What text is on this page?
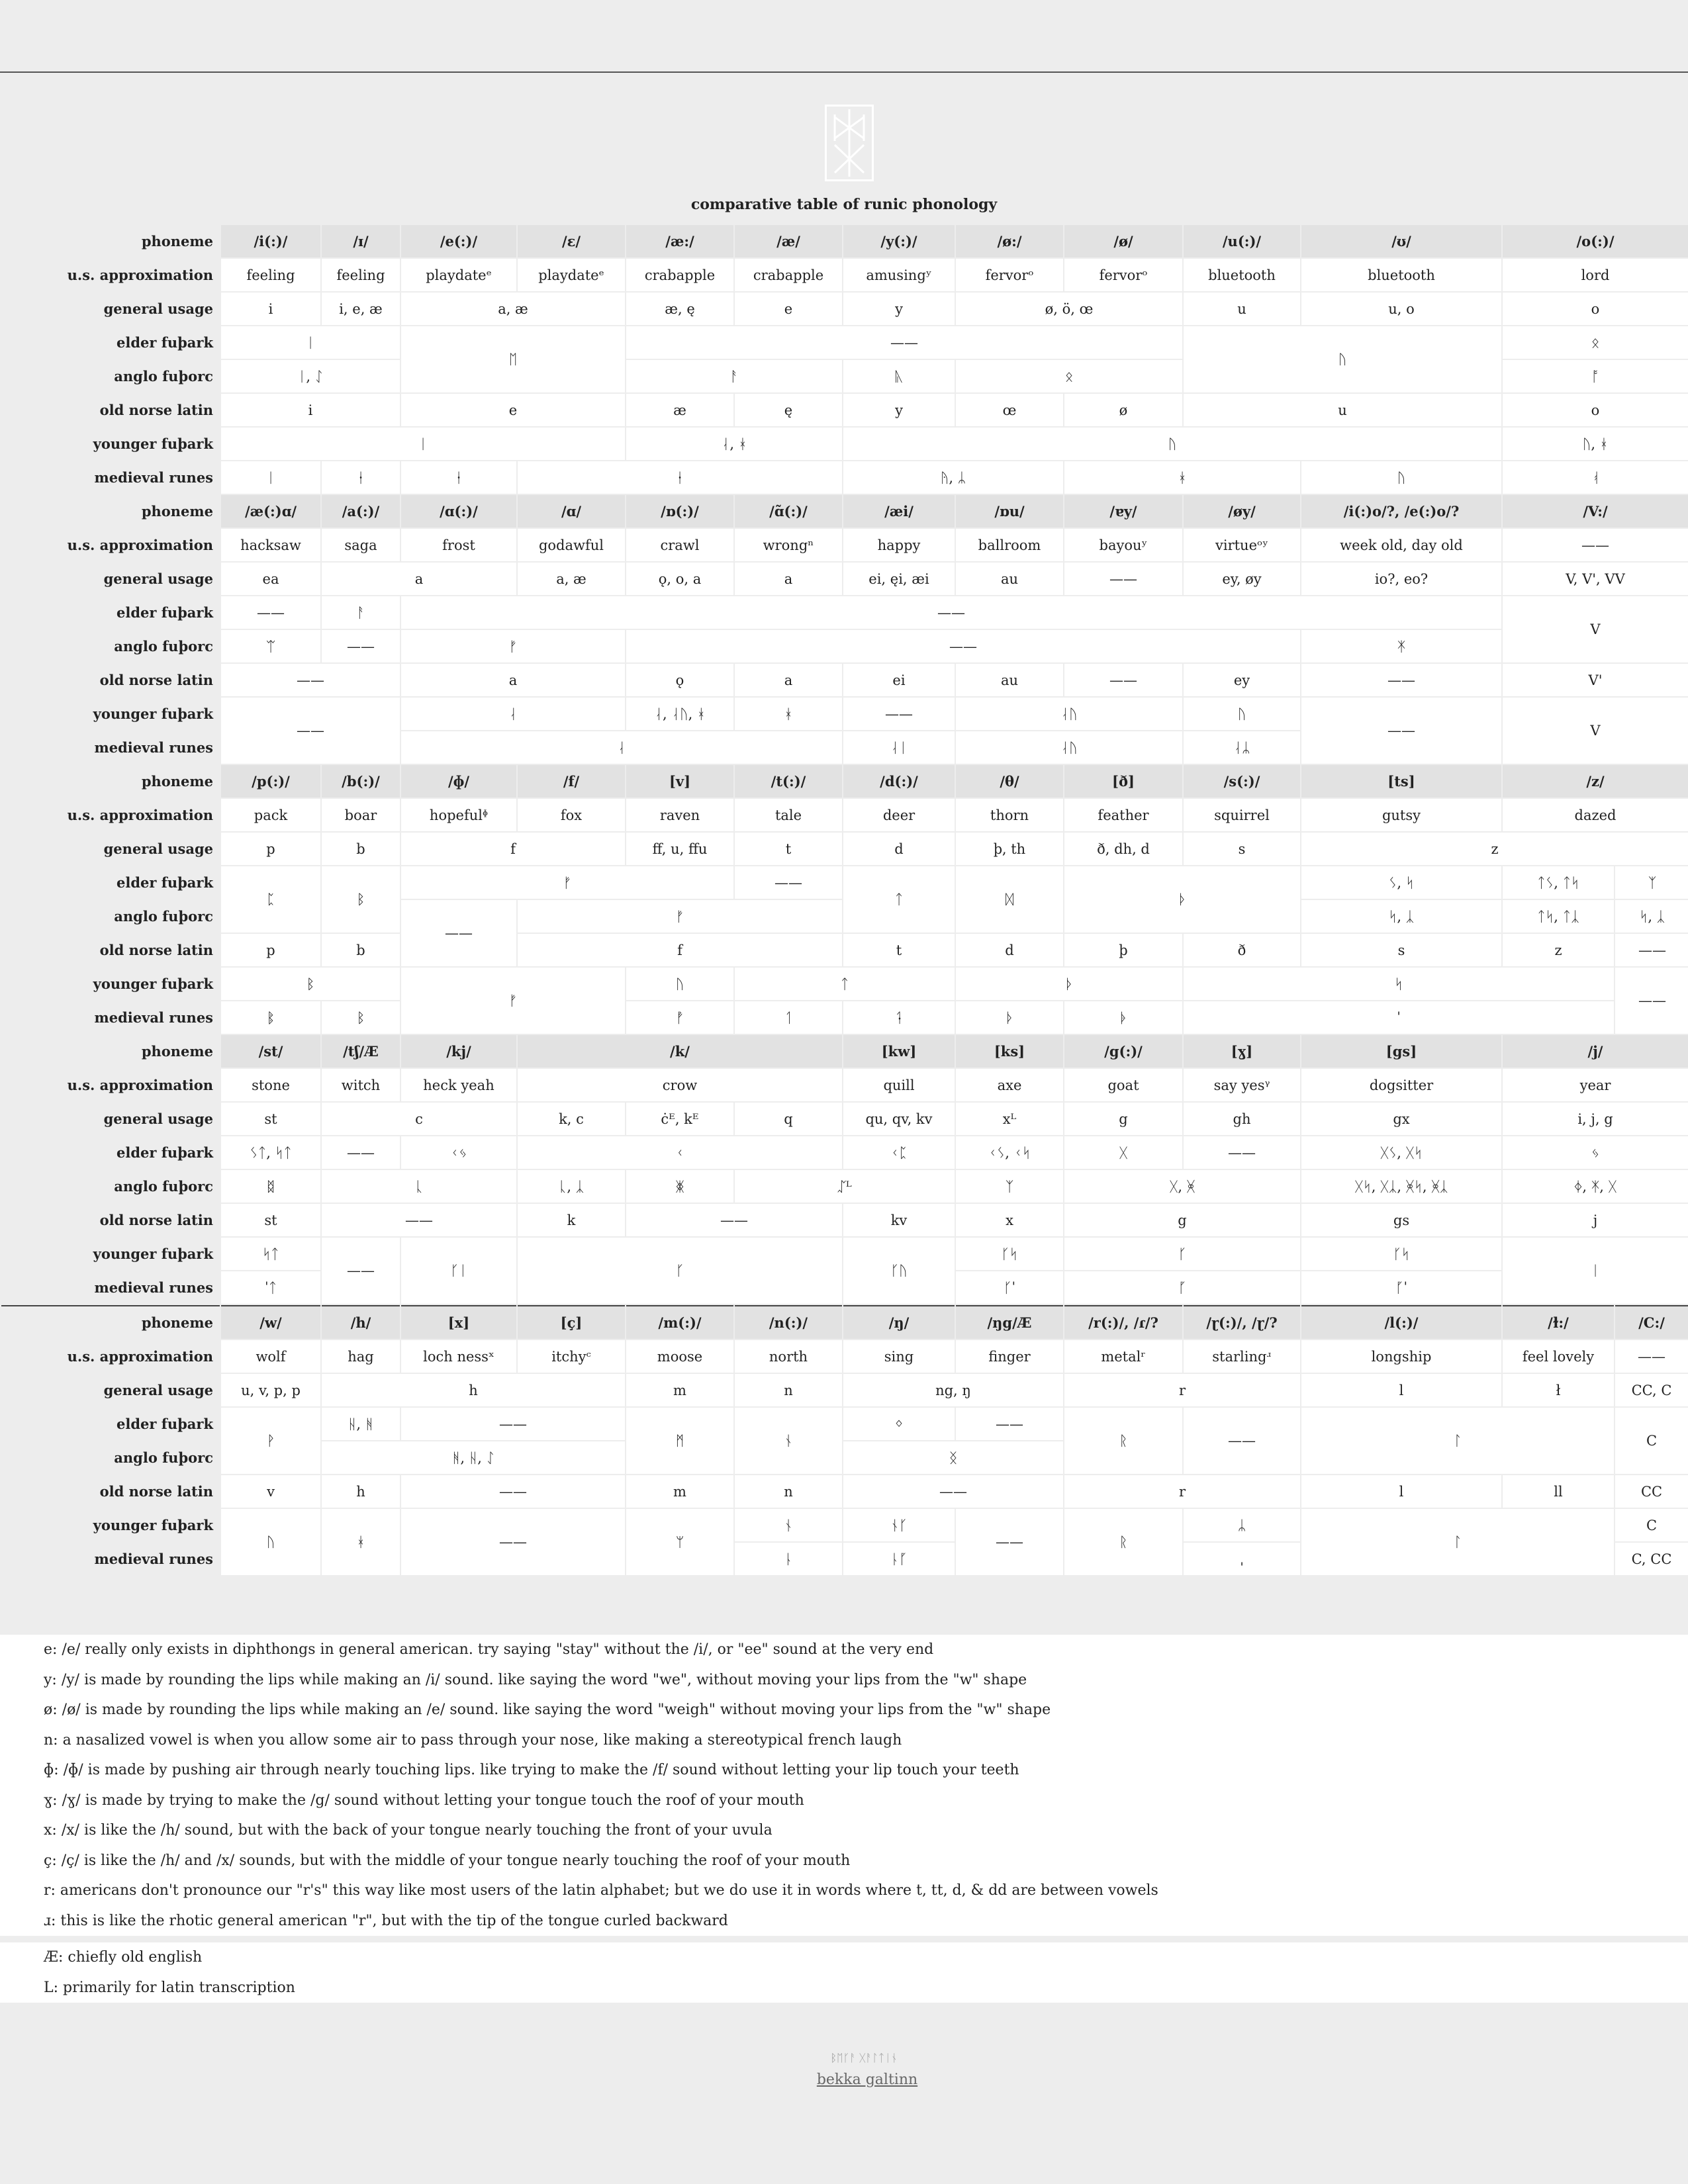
comparative table of runic phonology
phoneme	/i(:)/	/ɪ/	/e(:)/	/ɛ/	/æ:/	/æ/	/y(:)/	/ø:/	/ø/	/u(:)/	/ʊ/	/o(:)/	
u.s. approximation	feeling	feeling	playdateᵉ	playdateᵉ	crabapple	crabapple	amusingʸ	fervorᵒ	fervorᵒ	bluetooth	bluetooth	lord	
general usage	i	i, e, æ	a, æ		æ, ę	e	y	ø, ö, œ		u	u, o	o	
elder fuþark	ᛁ		ᛖ		——					ᚢ		ᛟ	
anglo fuþorc	ᛁ, ᛇ				ᚨ		ᚣ	ᛟ				ᚩ	
old norse latin	i		e		æ	ę	y	œ	ø	u		o	
younger fuþark	ᛁ				ᛆ, ᚼ		ᚢ					ᚢ, ᚼ	
medieval runes	ᛁ	ᛂ	ᛂ	ᛂ			ᚤ, ᛦ		ᚼ		ᚢ	ᚮ	
phoneme	/æ(:)ɑ/	/a(:)/	/ɑ(:)/	/ɑ/	/ɒ(:)/	/ɑ̃(:)/	/æi/	/ɒu/	/ɐy/	/øy/	/i(:)o/?, /e(:)o/?	/V:/	
u.s. approximation	hacksaw	saga	frost	godawful	crawl	wrongⁿ	happy	ballroom	bayouʸ	virtueᵒʸ	week old, day old	——	
general usage	ea	a		a, æ	ǫ, o, a	a	ei, ęi, æi	au	——	ey, øy	io?, eo?	V, V', VV	
elder fuþark	——	ᚨ	——									V	
anglo fuþorc	ᛠ	——	ᚠ		——						ᛡ		
old norse latin	——		a		ǫ	a	ei	au	——	ey	——	V'	
younger fuþark	——		ᛆ		ᛆ, ᛆᚢ, ᚼ	ᚼ	——	ᛆᚢ		ᚢ	——	V	
medieval runes			ᛆ				ᛆᛁ	ᛆᚢ		ᛆᛦ			
phoneme	/p(:)/	/b(:)/	/ɸ/	/f/	[v]	/t(:)/	/d(:)/	/θ/	[ð]	/s(:)/	[ts]	/z/	
u.s. approximation	pack	boar	hopefulᶲ	fox	raven	tale	deer	thorn	feather	squirrel	gutsy	dazed	
general usage	p	b	f		ff, u, ffu	t	d	þ, th	ð, dh, d	s	z		
elder fuþark	ᛈ	ᛒ	ᚠ			——	ᛏ	ᛞ	ᚦ		ᛊ, ᛋ	ᛏᛊ, ᛏᛋ	ᛉ
anglo fuþorc			——	ᚠ							ᛋ, ᛣ	ᛏᛋ, ᛏᛣ	ᛋ, ᛣ
old norse latin	p	b		f			t	d	þ	ð	s	z	——
younger fuþark	ᛒ		ᚠ		ᚢ	ᛏ		ᚦ		ᛋ			——
medieval runes	ᛔ	ᛒ			ᚡ	ᛐ	ᛑ	ᚦ	ᚧ	ˈ			
phoneme	/st/	/tʃ/Æ	/kj/	/k/			[kw]	[ks]	/g(:)/	[ɣ]	[gs]	/j/	
u.s. approximation	stone	witch	heck yeah	crow			quill	axe	goat	say yesᵞ	dogsitter	year	
general usage	st	c		k, c	ċᴱ, kᴱ	q	qu, qv, kv	xᴸ	g	gh	gx	i, j, g	
elder fuþark	ᛊᛏ, ᛋᛏ	——	ᚲᛃ	ᚲ			ᚲᛈ	ᚲᛊ, ᚲᛋ	ᚷ	——	ᚷᛊ, ᚷᛋ	ᛃ	
anglo fuþorc	ᛥ	ᚳ		ᚳ, ᛣ	ᛤ	ᛢᴸ		ᛉ	ᚷ, ᚸ		ᚷᛋ, ᚷᛣ, ᚸᛋ, ᚸᛣ	ᛄ, ᛡ, ᚷ	
old norse latin	st	——		k	——		kv	x	g		gs	j	
younger fuþark	ᛋᛏ	——	ᚴᛁ	ᚴ			ᚴᚢ	ᚴᛋ	ᚴ		ᚴᛋ	ᛁ	
medieval runes	ˈᛏ							ᚴˈ	ᚵ		ᚵˈ		
phoneme	/w/	/h/	[x]	[ç]	/m(:)/	/n(:)/	/ŋ/	/ŋg/Æ	/r(:)/, /ɾ/?	/ɽ(:)/, /ɽ/?	/l(:)/	/ɫ:/	/C:/
u.s. approximation	wolf	hag	loch nessˣ	itchyᶜ	moose	north	sing	finger	metalʳ	starlingʴ	longship	feel lovely	——
general usage	u, v, p, p	h			m	n	ng, ŋ		r		l	ł	CC, C
elder fuþark	ᚹ	ᚺ, ᚻ	——		ᛗ	ᚾ	ᛜ	——	ᚱ	——	ᛚ		C
anglo fuþorc		ᚻ, ᚺ, ᛇ					ᛝ						
old norse latin	v	h	——		m	n	——		r		l	ll	CC
younger fuþark	ᚢ	ᚼ	——		ᛘ	ᚾ	ᚾᚴ	——	ᚱ	ᛦ	ᛚ		C
medieval runes						ᚿ	ᚿᚵ			ˌ			C, CC
e: /e/ really only exists in diphthongs in general american. try saying "stay" without the /i/, or "ee" sound at the very end
y: /y/ is made by rounding the lips while making an /i/ sound. like saying the word "we", without moving your lips from the "w" shape
ø: /ø/ is made by rounding the lips while making an /e/ sound. like saying the word "weigh" without moving your lips from the "w" shape
n: a nasalized vowel is when you allow some air to pass through your nose, like making a stereotypical french laugh
ɸ: /ɸ/ is made by pushing air through nearly touching lips. like trying to make the /f/ sound without letting your lip touch your teeth
ɣ: /ɣ/ is made by trying to make the /g/ sound without letting your tongue touch the roof of your mouth
x: /x/ is like the /h/ sound, but with the back of your tongue nearly touching the front of your uvula
ç: /ç/ is like the /h/ and /x/ sounds, but with the middle of your tongue nearly touching the roof of your mouth
r: americans don't pronounce our "r's" this way like most users of the latin alphabet; but we do use it in words where t, tt, d, & dd are between vowels
ɹ: this is like the rhotic general american "r", but with the tip of the tongue curled backward
Æ: chiefly old english
L: primarily for latin transcription
ᛒᛖᚴᚨ ᚷᚨᛚᛏᛁᚾ
bekka galtinn
